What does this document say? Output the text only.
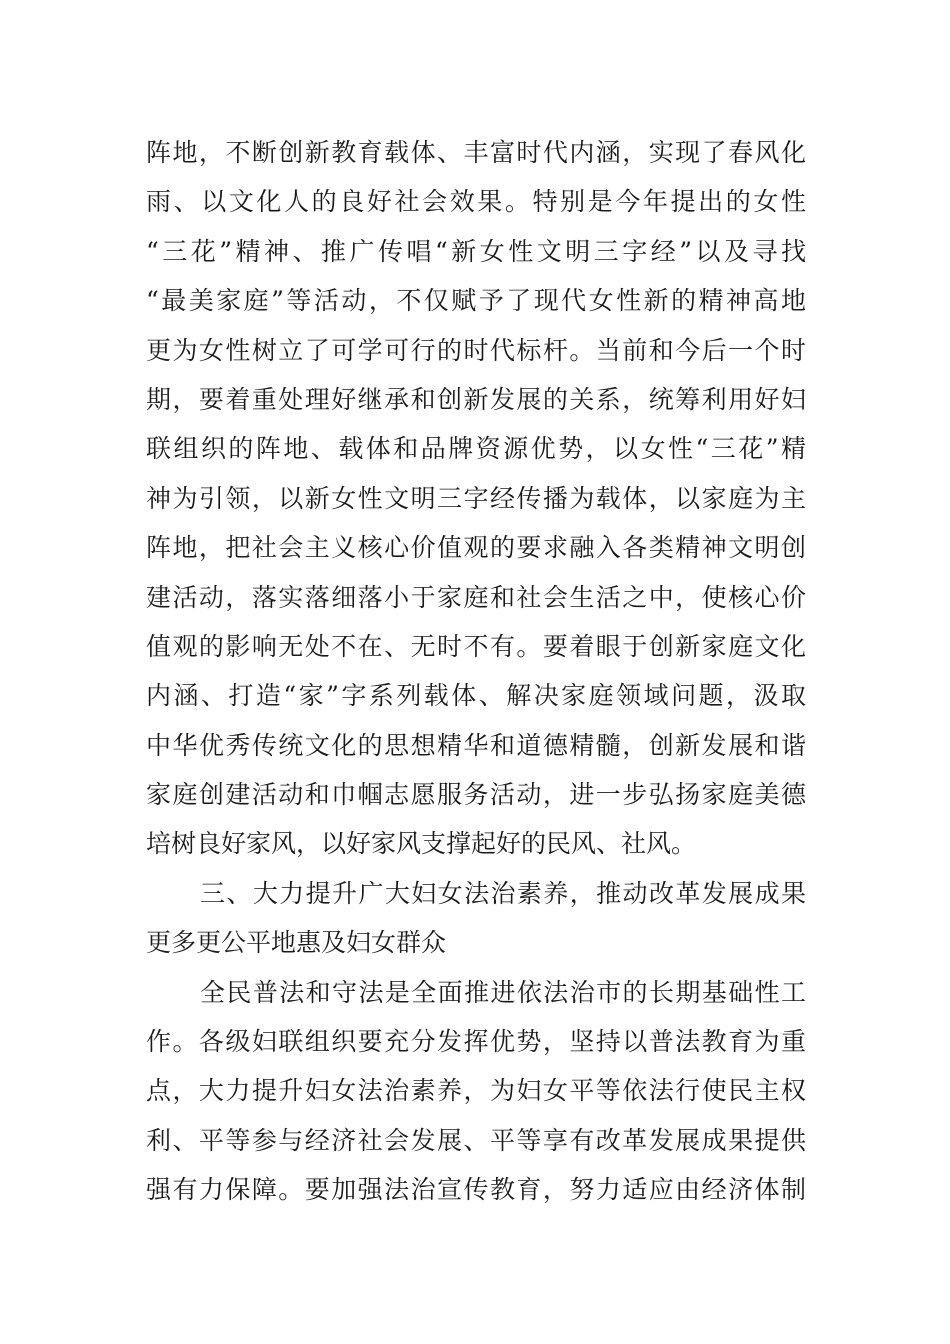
阵地，不断创新教育载体、丰富时代内涵，实现了春风化
雨、以文化人的良好社会效果。特别是今年提出的女性
“三花”精神、推广传唱“新女性文明三字经”以及寻找
“最美家庭”等活动，不仅赋予了现代女性新的精神高地
更为女性树立了可学可行的时代标杆。当前和今后一个时
期，要着重处理好继承和创新发展的关系，统筹利用好妇
联组织的阵地、载体和品牌资源优势，以女性“三花”精
神为引领，以新女性文明三字经传播为载体，以家庭为主
阵地，把社会主义核心价值观的要求融入各类精神文明创
建活动，落实落细落小于家庭和社会生活之中，使核心价
值观的影响无处不在、无时不有。要着眼于创新家庭文化
内涵、打造“家”字系列载体、解决家庭领域问题，汲取
中华优秀传统文化的思想精华和道德精髓，创新发展和谐
家庭创建活动和巾帼志愿服务活动，进一步弘扬家庭美德
培树良好家风，以好家风支撑起好的民风、社风。
三、大力提升广大妇女法治素养，推动改革发展成果
更多更公平地惠及妇女群众
全民普法和守法是全面推进依法治市的长期基础性工
作。各级妇联组织要充分发挥优势，坚持以普法教育为重
点，大力提升妇女法治素养，为妇女平等依法行使民主权
利、平等参与经济社会发展、平等享有改革发展成果提供
强有力保障。要加强法治宣传教育，努力适应由经济体制
